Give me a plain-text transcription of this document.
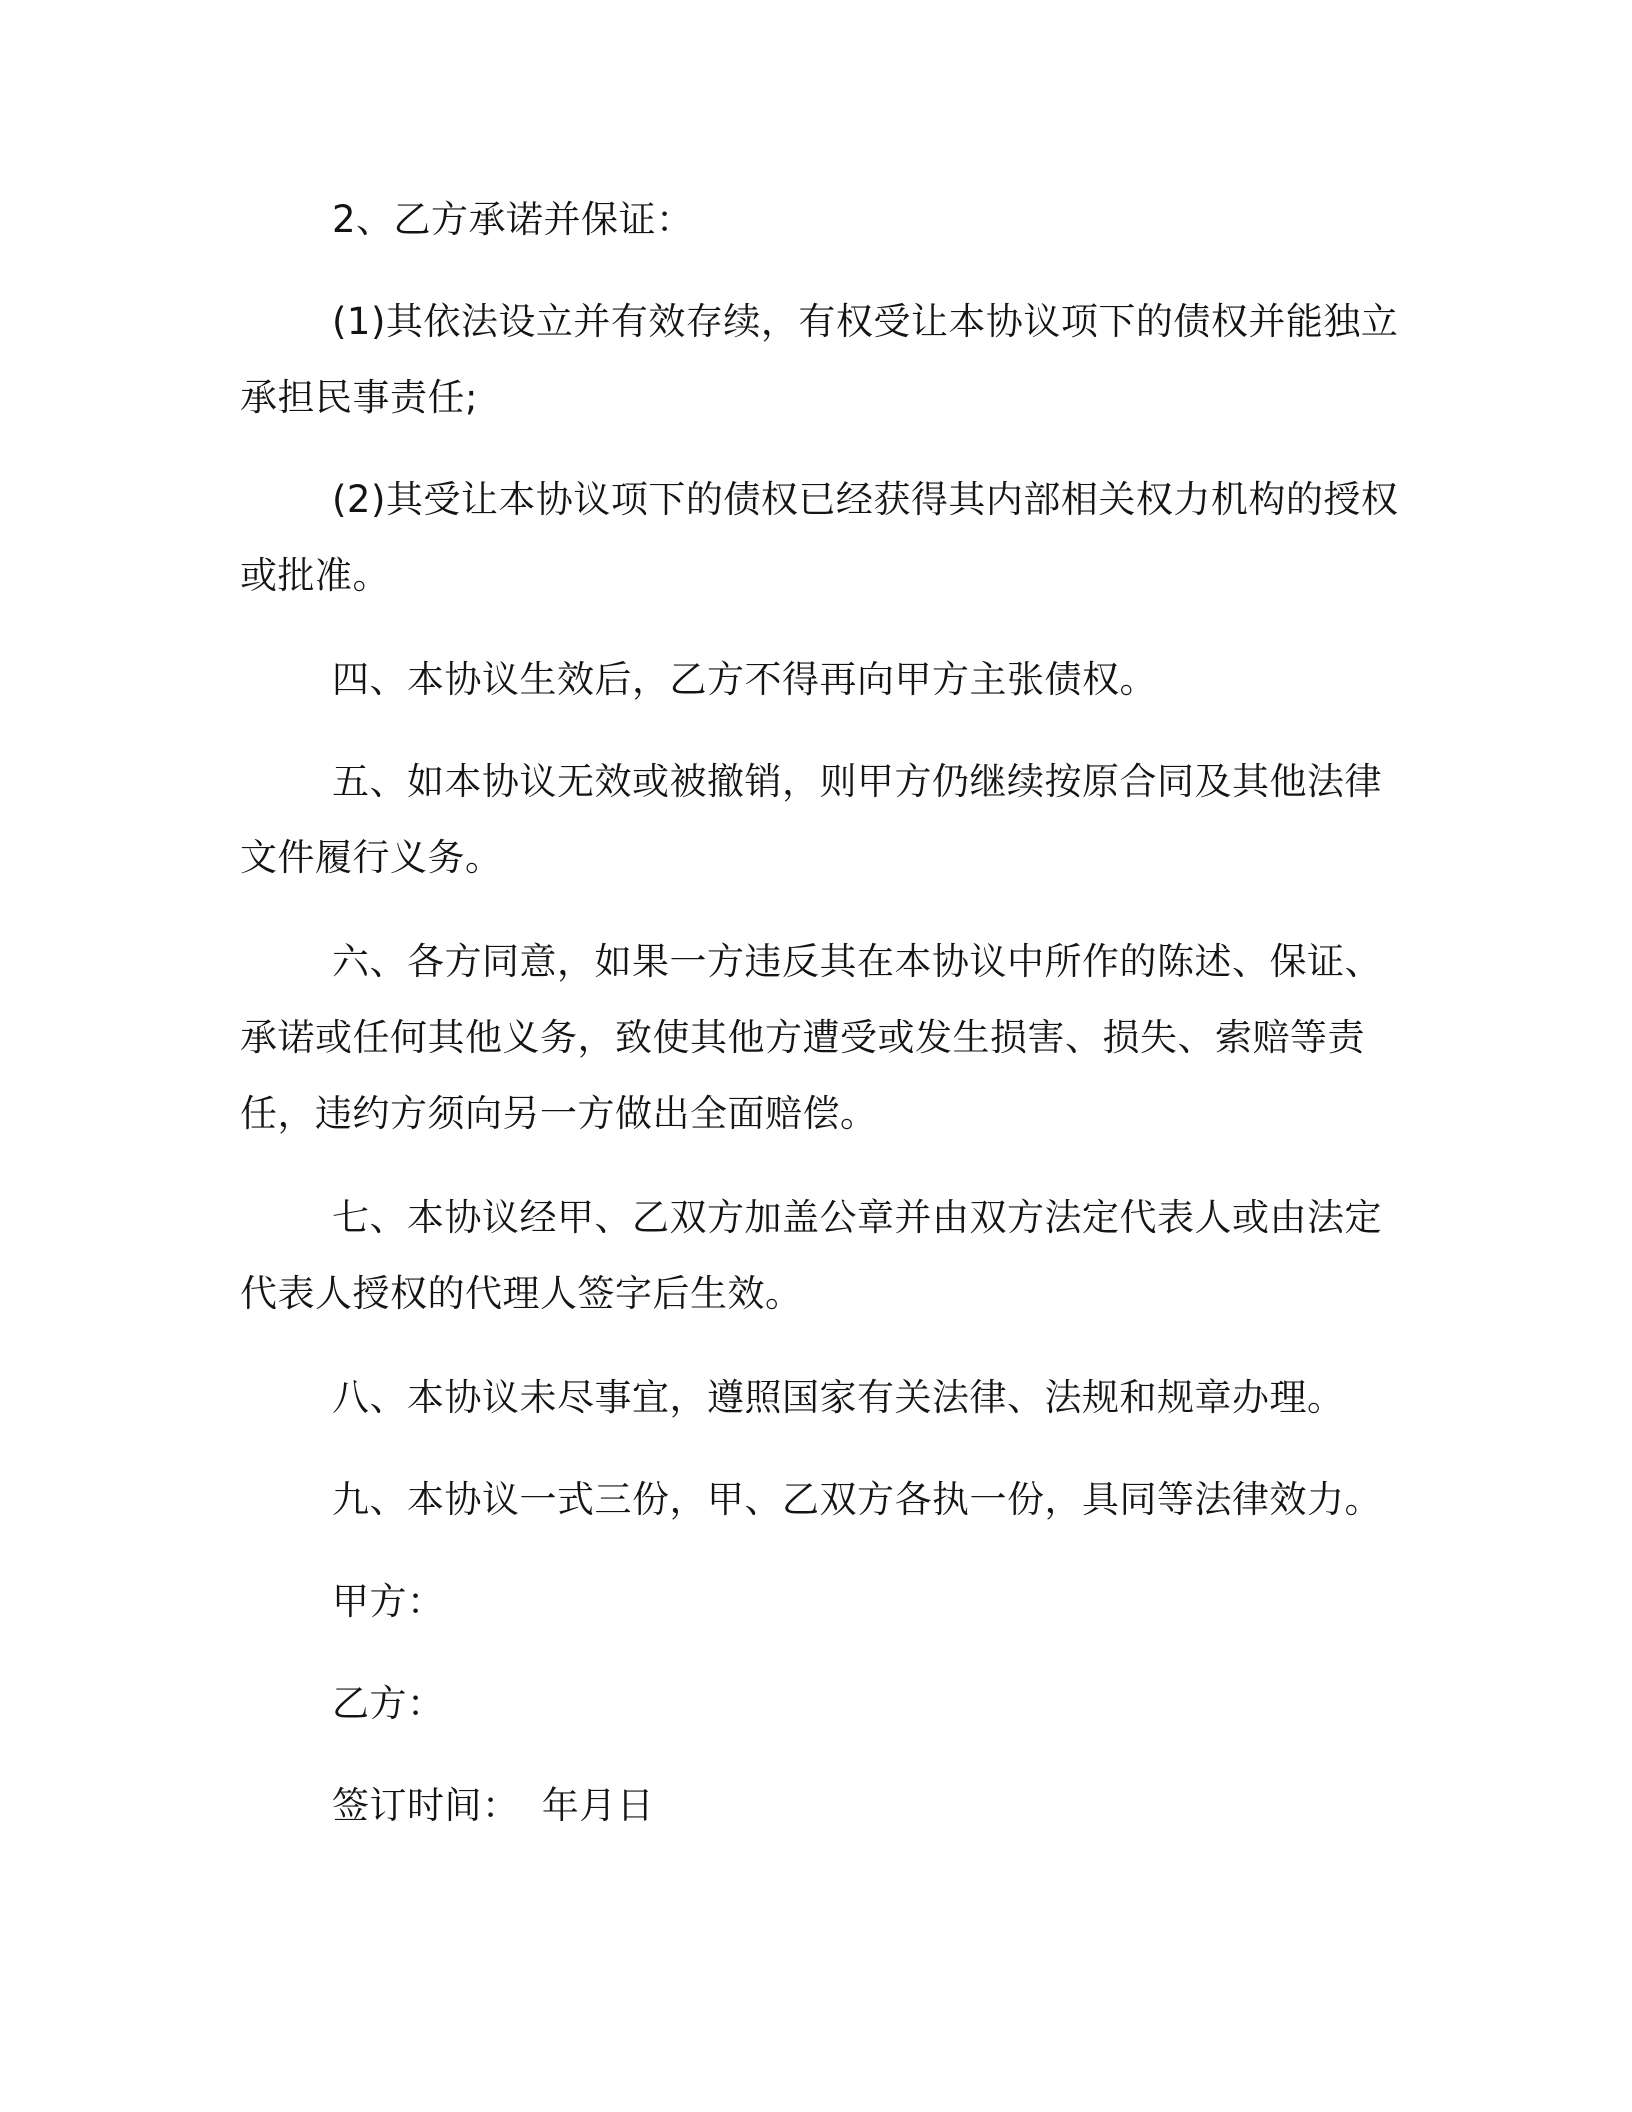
2、乙方承诺并保证：
(1)其依法设立并有效存续，有权受让本协议项下的债权并能独立
承担民事责任;
(2)其受让本协议项下的债权已经获得其内部相关权力机构的授权
或批准。
四、本协议生效后，乙方不得再向甲方主张债权。
五、如本协议无效或被撤销，则甲方仍继续按原合同及其他法律
文件履行义务。
六、各方同意，如果一方违反其在本协议中所作的陈述、保证、
承诺或任何其他义务，致使其他方遭受或发生损害、损失、索赔等责
任，违约方须向另一方做出全面赔偿。
七、本协议经甲、乙双方加盖公章并由双方法定代表人或由法定
代表人授权的代理人签字后生效。
八、本协议未尽事宜，遵照国家有关法律、法规和规章办理。
九、本协议一式三份，甲、乙双方各执一份，具同等法律效力。
甲方：
乙方：
签订时间： 年月日
